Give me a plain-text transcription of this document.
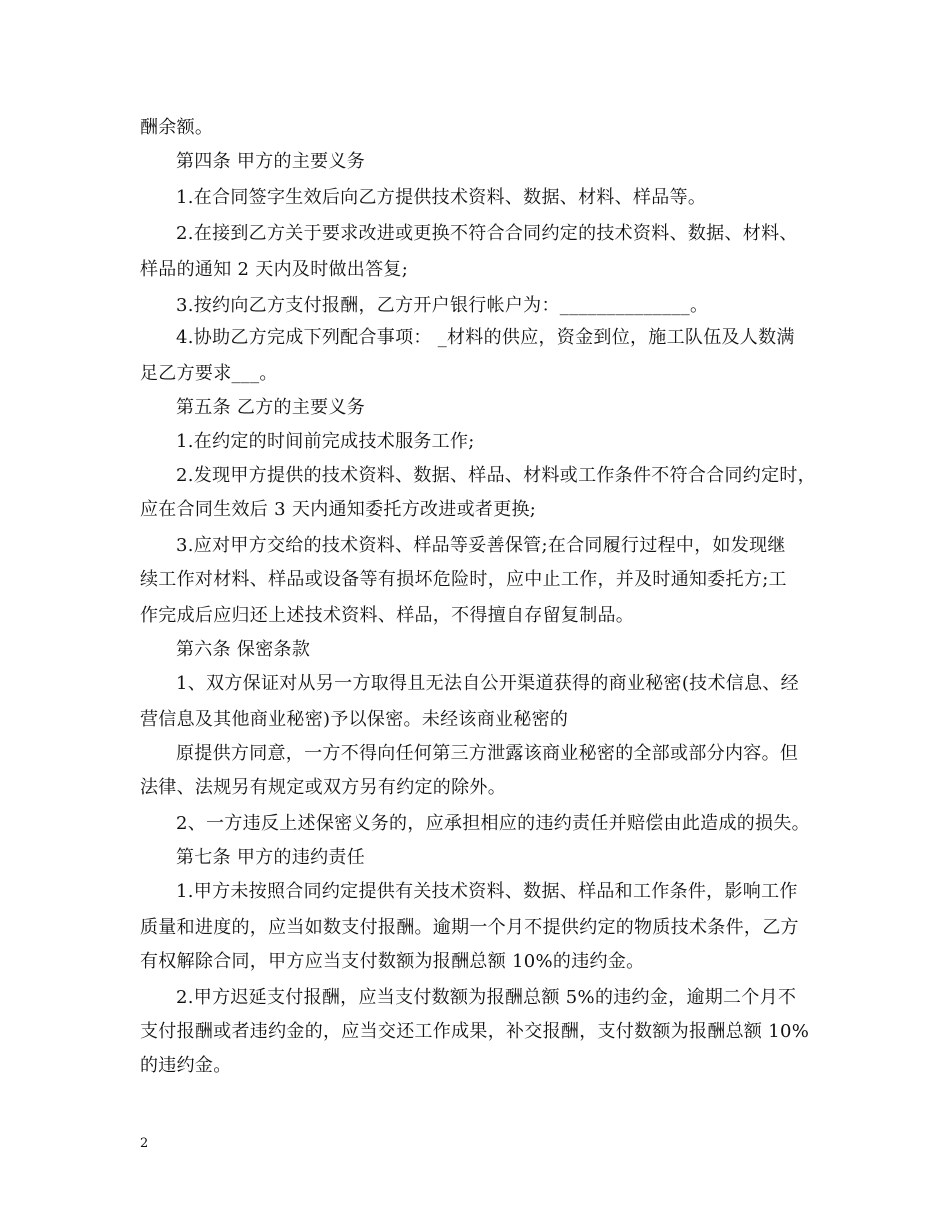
酬余额。
第四条 甲方的主要义务
1.在合同签字生效后向乙方提供技术资料、数据、材料、样品等。
2.在接到乙方关于要求改进或更换不符合合同约定的技术资料、数据、材料、
样品的通知 2 天内及时做出答复;
3.按约向乙方支付报酬，乙方开户银行帐户为：______________。
4.协助乙方完成下列配合事项： _材料的供应，资金到位，施工队伍及人数满
足乙方要求___。
第五条 乙方的主要义务
1.在约定的时间前完成技术服务工作;
2.发现甲方提供的技术资料、数据、样品、材料或工作条件不符合合同约定时，
应在合同生效后 3 天内通知委托方改进或者更换;
3.应对甲方交给的技术资料、样品等妥善保管;在合同履行过程中，如发现继
续工作对材料、样品或设备等有损坏危险时，应中止工作，并及时通知委托方;工
作完成后应归还上述技术资料、样品，不得擅自存留复制品。
第六条 保密条款
1、双方保证对从另一方取得且无法自公开渠道获得的商业秘密(技术信息、经
营信息及其他商业秘密)予以保密。未经该商业秘密的
原提供方同意，一方不得向任何第三方泄露该商业秘密的全部或部分内容。但
法律、法规另有规定或双方另有约定的除外。
2、一方违反上述保密义务的，应承担相应的违约责任并赔偿由此造成的损失。
第七条 甲方的违约责任
1.甲方未按照合同约定提供有关技术资料、数据、样品和工作条件，影响工作
质量和进度的，应当如数支付报酬。逾期一个月不提供约定的物质技术条件，乙方
有权解除合同，甲方应当支付数额为报酬总额 10%的违约金。
2.甲方迟延支付报酬，应当支付数额为报酬总额 5%的违约金，逾期二个月不
支付报酬或者违约金的，应当交还工作成果，补交报酬，支付数额为报酬总额 10%
的违约金。
2
